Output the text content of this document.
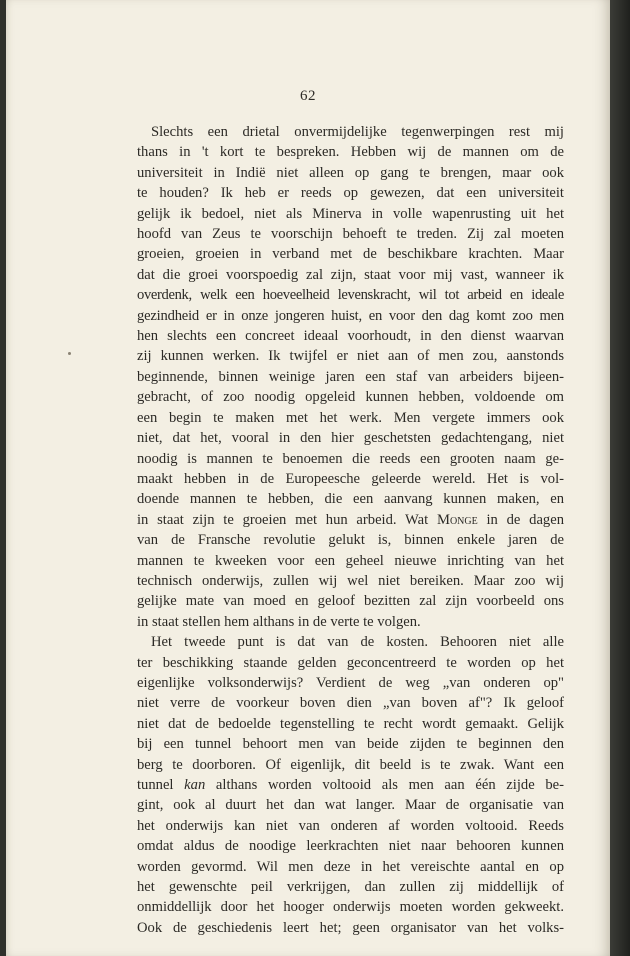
62

Slechts een drietal onvermijdelijke tegenwerpingen rest mij
thans in 't kort te bespreken. Hebben wij de mannen om de
universiteit in Indië niet alleen op gang te brengen, maar ook
te houden? Ik heb er reeds op gewezen, dat een universiteit
gelijk ik bedoel, niet als Minerva in volle wapenrusting uit het
hoofd van Zeus te voorschijn behoeft te treden. Zij zal moeten
groeien, groeien in verband met de beschikbare krachten. Maar
dat die groei voorspoedig zal zijn, staat voor mij vast, wanneer ik
overdenk, welk een hoeveelheid levenskracht, wil tot arbeid en ideale
gezindheid er in onze jongeren huist, en voor den dag komt zoo men
hen slechts een concreet ideaal voorhoudt, in den dienst waarvan
zij kunnen werken. Ik twijfel er niet aan of men zou, aanstonds
beginnende, binnen weinige jaren een staf van arbeiders bijeen-
gebracht, of zoo noodig opgeleid kunnen hebben, voldoende om
een begin te maken met het werk. Men vergete immers ook
niet, dat het, vooral in den hier geschetsten gedachtengang, niet
noodig is mannen te benoemen die reeds een grooten naam ge-
maakt hebben in de Europeesche geleerde wereld. Het is vol-
doende mannen te hebben, die een aanvang kunnen maken, en
in staat zijn te groeien met hun arbeid. Wat Monge in de dagen
van de Fransche revolutie gelukt is, binnen enkele jaren de
mannen te kweeken voor een geheel nieuwe inrichting van het
technisch onderwijs, zullen wij wel niet bereiken. Maar zoo wij
gelijke mate van moed en geloof bezitten zal zijn voorbeeld ons
in staat stellen hem althans in de verte te volgen.

Het tweede punt is dat van de kosten. Behooren niet alle
ter beschikking staande gelden geconcentreerd te worden op het
eigenlijke volksonderwijs? Verdient de weg „van onderen op"
niet verre de voorkeur boven dien „van boven af"? Ik geloof
niet dat de bedoelde tegenstelling te recht wordt gemaakt. Gelijk
bij een tunnel behoort men van beide zijden te beginnen den
berg te doorboren. Of eigenlijk, dit beeld is te zwak. Want een
tunnel kan althans worden voltooid als men aan één zijde be-
gint, ook al duurt het dan wat langer. Maar de organisatie van
het onderwijs kan niet van onderen af worden voltooid. Reeds
omdat aldus de noodige leerkrachten niet naar behooren kunnen
worden gevormd. Wil men deze in het vereischte aantal en op
het gewenschte peil verkrijgen, dan zullen zij middellijk of
onmiddellijk door het hooger onderwijs moeten worden gekweekt.
Ook de geschiedenis leert het; geen organisator van het volks-
